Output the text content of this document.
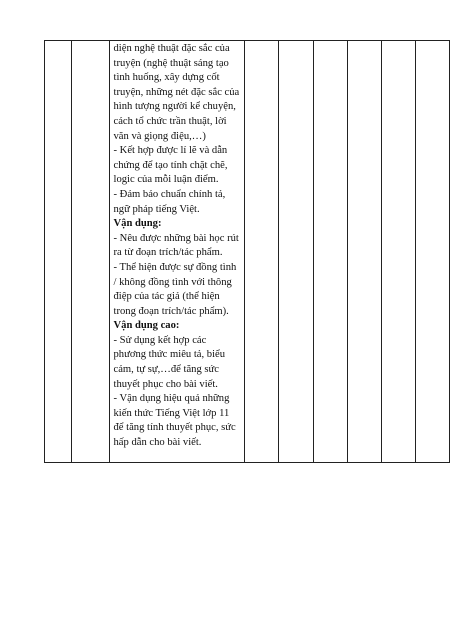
diện nghệ thuật đặc sắc của

truyện (nghệ thuật sáng tạo

tình huống, xây dựng cốt

truyện, những nét đặc sắc của

hình tượng người kể chuyện,

cách tổ chức trần thuật, lời

văn và giọng điệu,…)

- Kết hợp được lí lẽ và dẫn

chứng để tạo tính chặt chẽ,

logic của mỗi luận điểm.

- Đảm bảo chuẩn chính tả,

ngữ pháp tiếng Việt.

Vận dụng:

- Nêu được những bài học rút

ra từ đoạn trích/tác phẩm.

- Thể hiện được sự đồng tình

/ không đồng tình với thông

điệp của tác giả (thể hiện

trong đoạn trích/tác phẩm).

Vận dụng cao:

- Sử dụng kết hợp các

phương thức miêu tả, biểu

cảm, tự sự,…để tăng sức

thuyết phục cho bài viết.

- Vận dụng hiệu quả những

kiến thức Tiếng Việt lớp 11

để tăng tính thuyết phục, sức

hấp dẫn cho bài viết.
